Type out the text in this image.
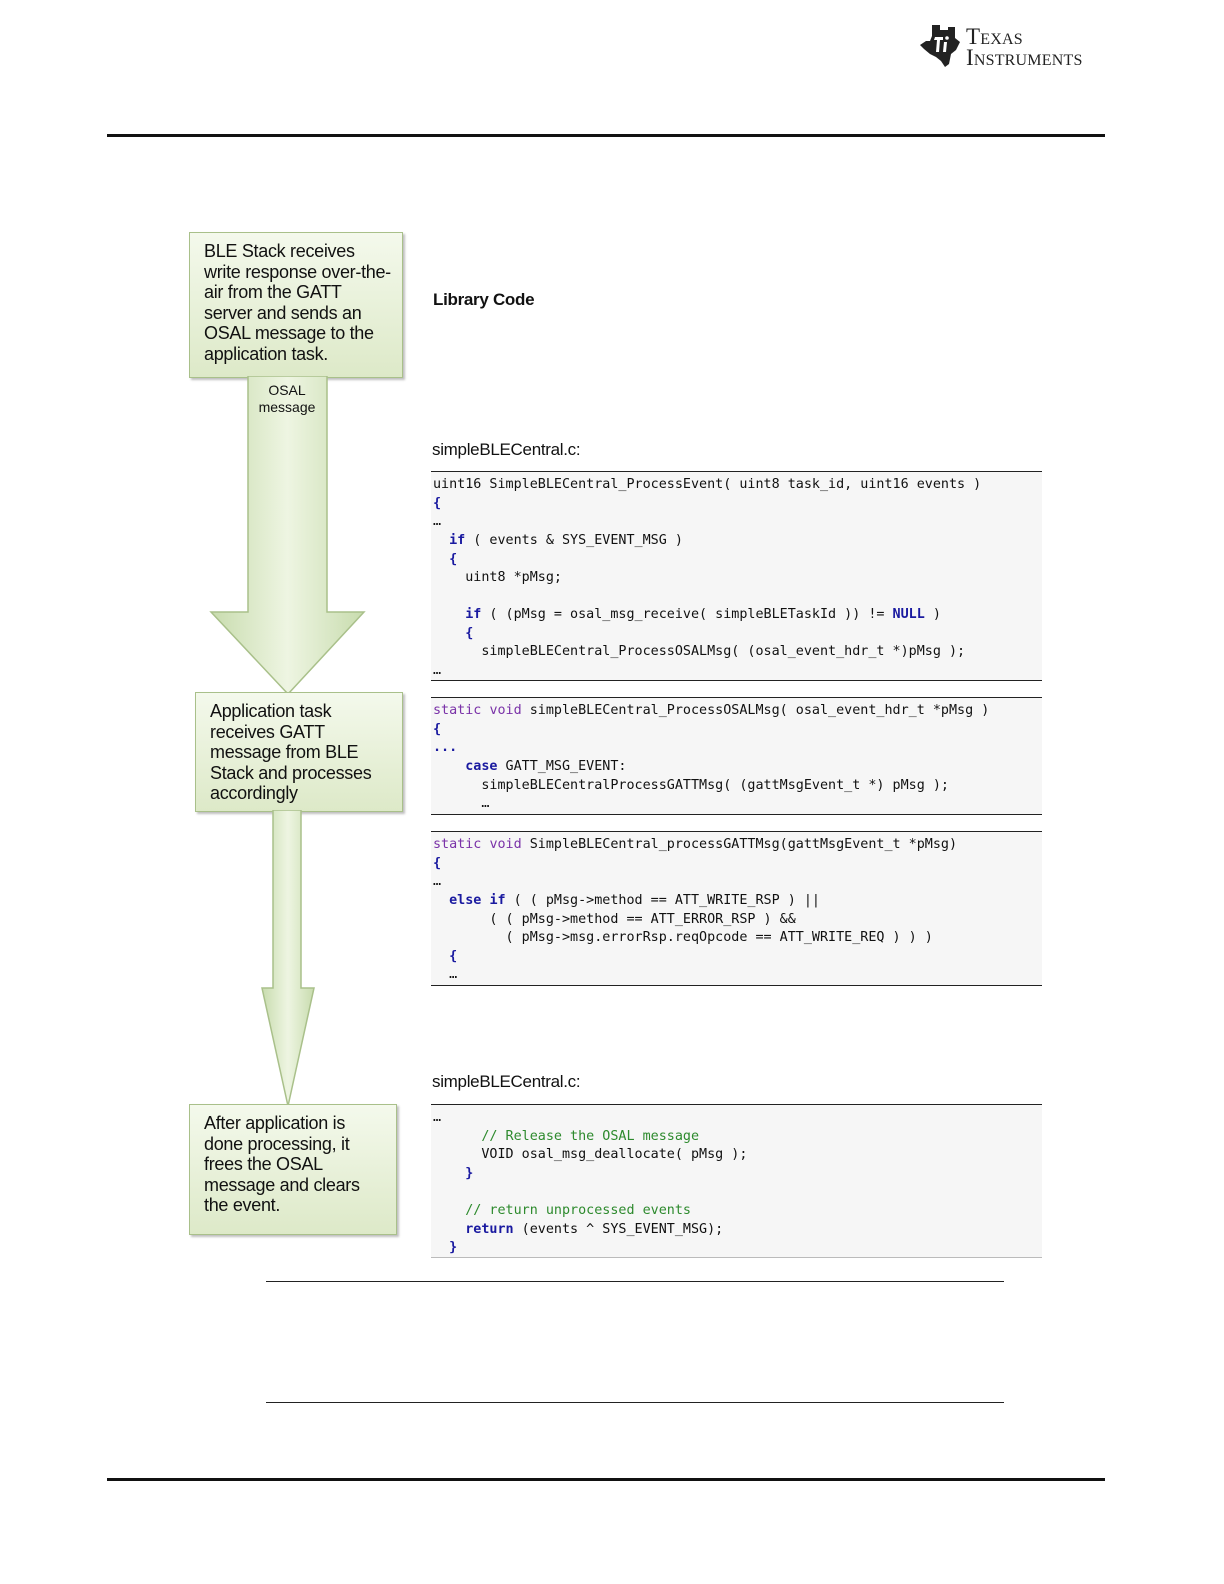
Texas
Instruments
BLE Stack receives write response over-the-air from the GATT server and sends an OSAL message to the application task.
OSAL message
Application task receives GATT message from BLE Stack and processes accordingly
After application is done processing, it frees the OSAL message and clears the event.
Library Code
simpleBLECentral.c:
simpleBLECentral.c:
uint16 SimpleBLECentral_ProcessEvent( uint8 task_id, uint16 events )
{
…
if ( events & SYS_EVENT_MSG )
{
uint8 *pMsg;
if ( (pMsg = osal_msg_receive( simpleBLETaskId )) != NULL )
{
simpleBLECentral_ProcessOSALMsg( (osal_event_hdr_t *)pMsg );
…
static void simpleBLECentral_ProcessOSALMsg( osal_event_hdr_t *pMsg )
{
...
case GATT_MSG_EVENT:
simpleBLECentralProcessGATTMsg( (gattMsgEvent_t *) pMsg );
…
static void SimpleBLECentral_processGATTMsg(gattMsgEvent_t *pMsg)
{
…
else if ( ( pMsg->method == ATT_WRITE_RSP ) ||
( ( pMsg->method == ATT_ERROR_RSP ) &&
( pMsg->msg.errorRsp.reqOpcode == ATT_WRITE_REQ ) ) )
{
…
…
// Release the OSAL message
VOID osal_msg_deallocate( pMsg );
}
// return unprocessed events
return (events ^ SYS_EVENT_MSG);
}
